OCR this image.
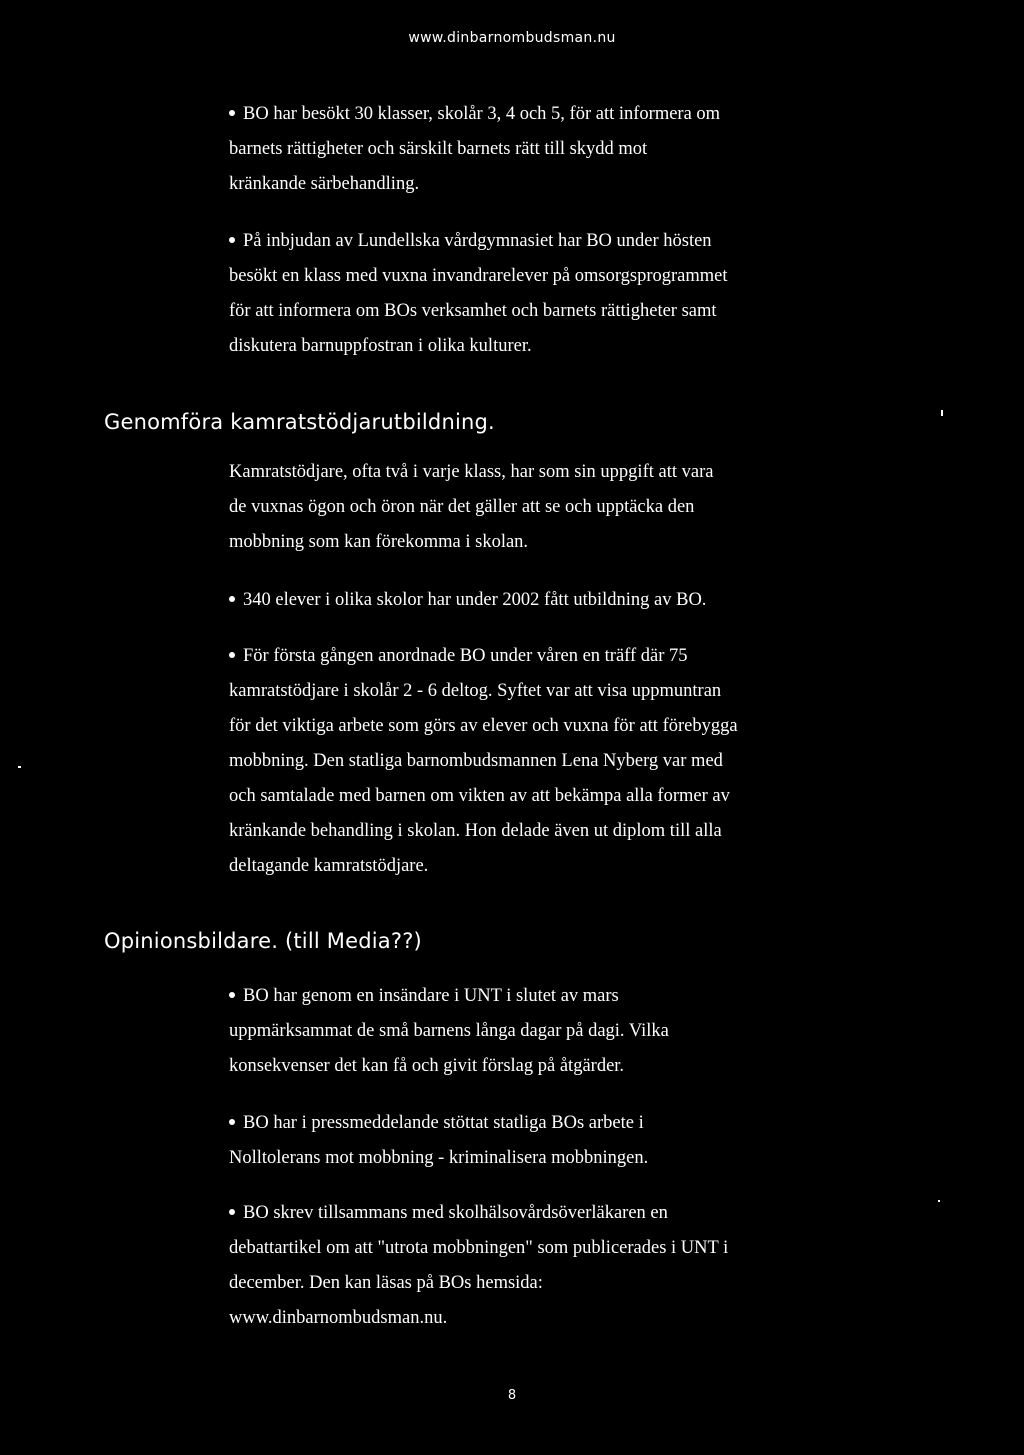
www.dinbarnombudsman.nu
BO har besökt 30 klasser, skolår 3, 4 och 5, för att informera om
barnets rättigheter och särskilt barnets rätt till skydd mot
kränkande särbehandling.
På inbjudan av Lundellska vårdgymnasiet har BO under hösten
besökt en klass med vuxna invandrarelever på omsorgsprogrammet
för att informera om BOs verksamhet och barnets rättigheter samt
diskutera barnuppfostran i olika kulturer.
Genomföra kamratstödjarutbildning.
Kamratstödjare, ofta två i varje klass, har som sin uppgift att vara
de vuxnas ögon och öron när det gäller att se och upptäcka den
mobbning som kan förekomma i skolan.
340 elever i olika skolor har under 2002 fått utbildning av BO.
För första gången anordnade BO under våren en träff där 75
kamratstödjare i skolår 2 - 6 deltog. Syftet var att visa uppmuntran
för det viktiga arbete som görs av elever och vuxna för att förebygga
mobbning. Den statliga barnombudsmannen Lena Nyberg var med
och samtalade med barnen om vikten av att bekämpa alla former av
kränkande behandling i skolan. Hon delade även ut diplom till alla
deltagande kamratstödjare.
Opinionsbildare. (till Media??)
BO har genom en insändare i UNT i slutet av mars
uppmärksammat de små barnens långa dagar på dagi. Vilka
konsekvenser det kan få och givit förslag på åtgärder.
BO har i pressmeddelande stöttat statliga BOs arbete i
Nolltolerans mot mobbning - kriminalisera mobbningen.
BO skrev tillsammans med skolhälsovårdsöverläkaren en
debattartikel om att "utrota mobbningen" som publicerades i UNT i
december. Den kan läsas på BOs hemsida:
www.dinbarnombudsman.nu.
8
